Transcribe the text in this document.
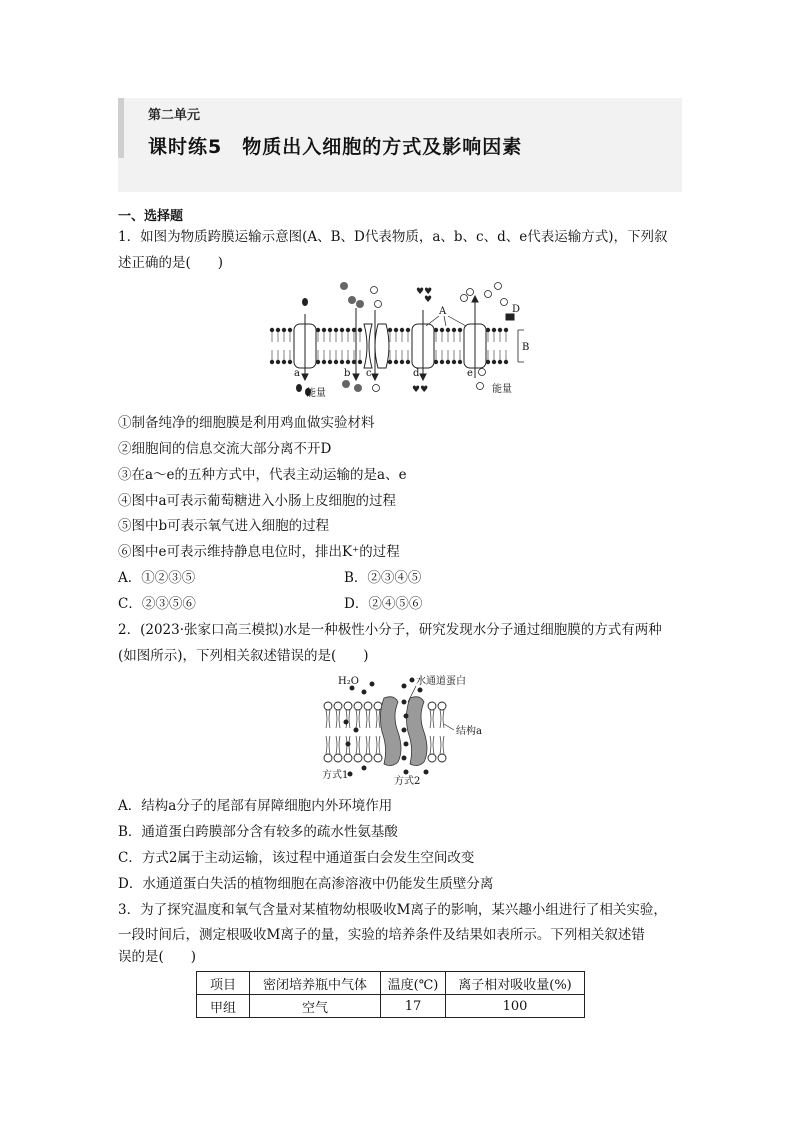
第二单元
课时练5　物质出入细胞的方式及影响因素
一、选择题
1．如图为物质跨膜运输示意图(A、B、D代表物质，a、b、c、d、e代表运输方式)，下列叙
述正确的是(　　)
♥♥
♥
♥♥
a	b c	d	e
A
B
D
能量	能量
①制备纯净的细胞膜是利用鸡血做实验材料
②细胞间的信息交流大部分离不开D
③在a～e的五种方式中，代表主动运输的是a、e
④图中a可表示葡萄糖进入小肠上皮细胞的过程
⑤图中b可表示氧气进入细胞的过程
⑥图中e可表示维持静息电位时，排出K⁺的过程
A．①②③⑤	B．②③④⑤
C．②③⑤⑥	D．②④⑤⑥
2．(2023·张家口高三模拟)水是一种极性小分子，研究发现水分子通过细胞膜的方式有两种
(如图所示)，下列相关叙述错误的是(　　)
H₂O	水通道蛋白
结构a
方式1
方式2
A．结构a分子的尾部有屏障细胞内外环境作用
B．通道蛋白跨膜部分含有较多的疏水性氨基酸
C．方式2属于主动运输，该过程中通道蛋白会发生空间改变
D．水通道蛋白失活的植物细胞在高渗溶液中仍能发生质壁分离
3．为了探究温度和氧气含量对某植物幼根吸收M离子的影响，某兴趣小组进行了相关实验，
一段时间后，测定根吸收M离子的量，实验的培养条件及结果如表所示。下列相关叙述错
误的是(　　)
项目	密闭培养瓶中气体	温度(℃)	离子相对吸收量(%)
甲组	空气	17	100
